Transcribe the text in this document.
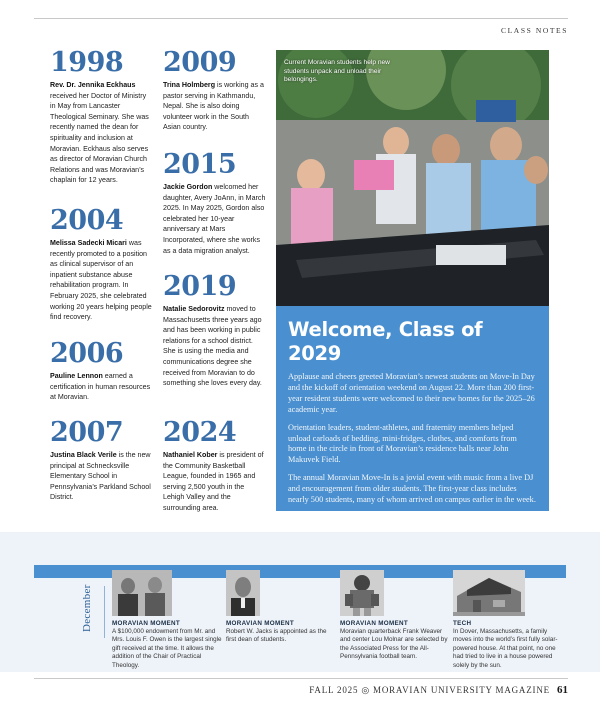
CLASS NOTES
1998

Rev. Dr. Jennika Eckhaus received her Doctor of Ministry in May from Lancaster Theological Seminary. She was recently named the dean for spirituality and inclusion at Moravian. Eckhaus also serves as director of Moravian Church Relations and was Moravian’s chaplain for 12 years.

2004

Melissa Sadecki Micari was recently promoted to a position as clinical supervisor of an inpatient substance abuse rehabilitation program. In February 2025, she celebrated working 20 years helping people find recovery.

2006

Pauline Lennon earned a certification in human resources at Moravian.

2007

Justina Black Verile is the new principal at Schnecksville Elementary School in Pennsylvania’s Parkland School District.

2009

Trina Holmberg is working as a pastor serving in Kathmandu, Nepal. She is also doing volunteer work in the South Asian country.

2015

Jackie Gordon welcomed her daughter, Avery JoAnn, in March 2025. In May 2025, Gordon also celebrated her 10-year anniversary at Mars Incorporated, where she works as a data migration analyst.

2019

Natalie Sedorovitz moved to Massachusetts three years ago and has been working in public relations for a school district. She is using the media and communications degree she received from Moravian to do something she loves every day.

2024

Nathaniel Kober is president of the Community Basketball League, founded in 1965 and serving 2,500 youth in the Lehigh Valley and the surrounding area.

Current Moravian students help new students unpack and unload their belongings.
Welcome, Class of 2029

Applause and cheers greeted Moravian’s newest students on Move-In Day and the kickoff of orientation weekend on August 22. More than 200 first-year resident students were welcomed to their new homes for the 2025–26 academic year.

Orientation leaders, student-athletes, and fraternity members helped unload carloads of bedding, mini-fridges, clothes, and comforts from home in the circle in front of Moravian’s residence halls near John Makuvek Field.

The annual Moravian Move-In is a jovial event with music from a live DJ and encouragement from older students. The first-year class includes nearly 500 students, many of whom arrived on campus earlier in the week.

December	MORAVIAN MOMENT
A $100,000 endowment from Mr. and Mrs. Louis F. Owen is the largest single gift received at the time. It allows the addition of the Chair of Practical Theology.
MORAVIAN MOMENT
Robert W. Jacks is appointed as the first dean of students.
MORAVIAN MOMENT
Moravian quarterback Frank Weaver and center Lou Molnar are selected by the Associated Press for the All-Pennsylvania football team.
TECH
In Dover, Massachusetts, a family moves into the world’s first fully solar-powered house. At that point, no one had tried to live in a house powered solely by the sun.
FALL 2025 ◎ MORAVIAN UNIVERSITY MAGAZINE 61
